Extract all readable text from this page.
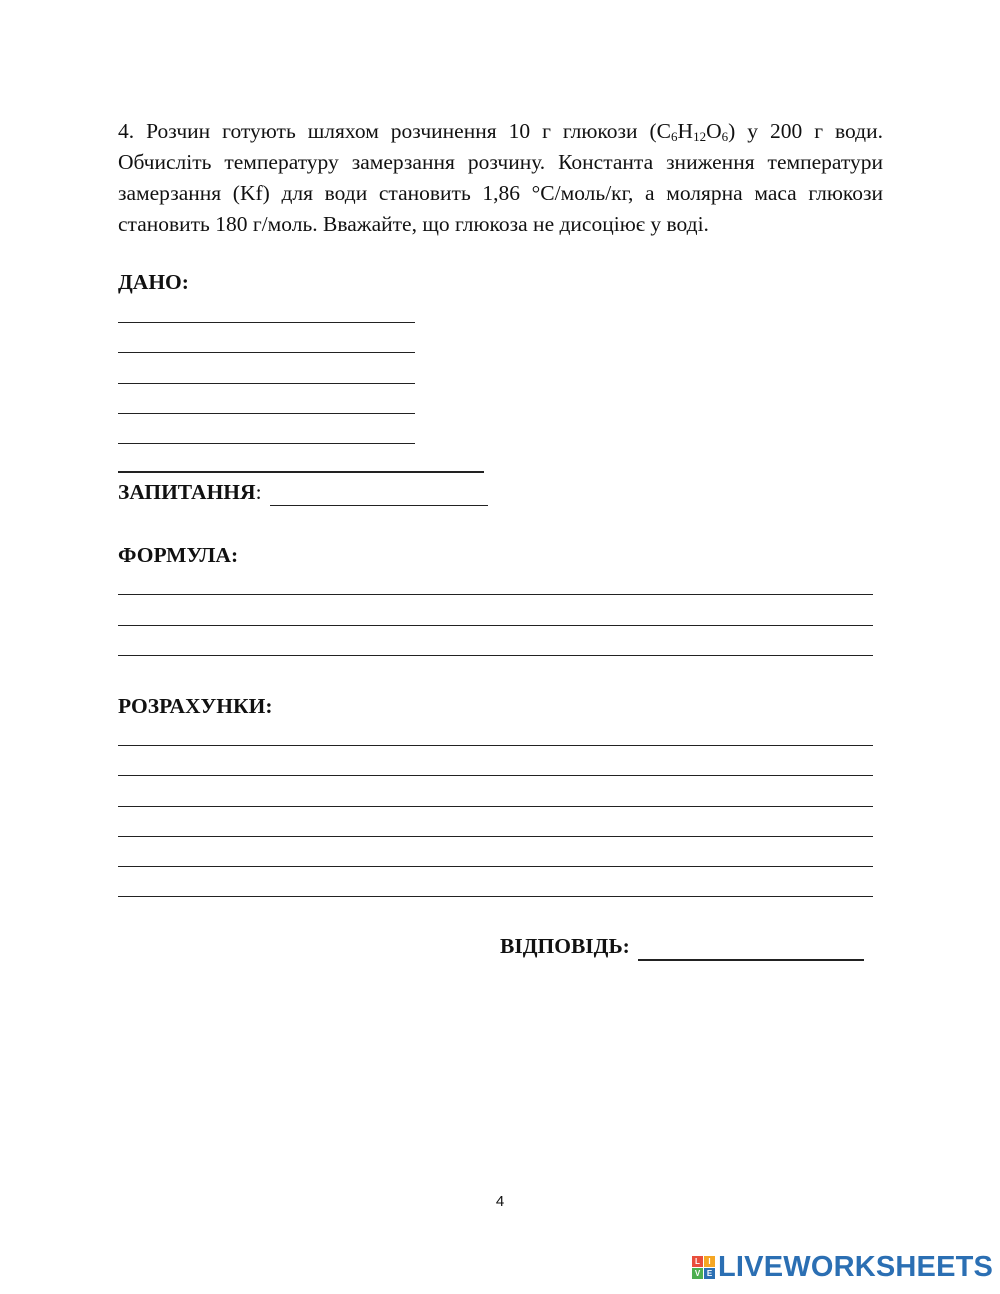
4. Розчин готують шляхом розчинення 10 г глюкози $(C_6H_{12}O_6)$ у 200 г води. Обчисліть температуру замерзання розчину. Константа зниження температури замерзання (Kf) для води становить 1,86 °С/моль/кг, а молярна маса глюкози становить 180 г/моль. Вважайте, що глюкоза не дисоціює у воді.
ДАНО:
ЗАПИТАННЯ:
ФОРМУЛА:
РОЗРАХУНКИ:
ВІДПОВІДЬ:
4
L	I
V E LIVEWORKSHEETS
